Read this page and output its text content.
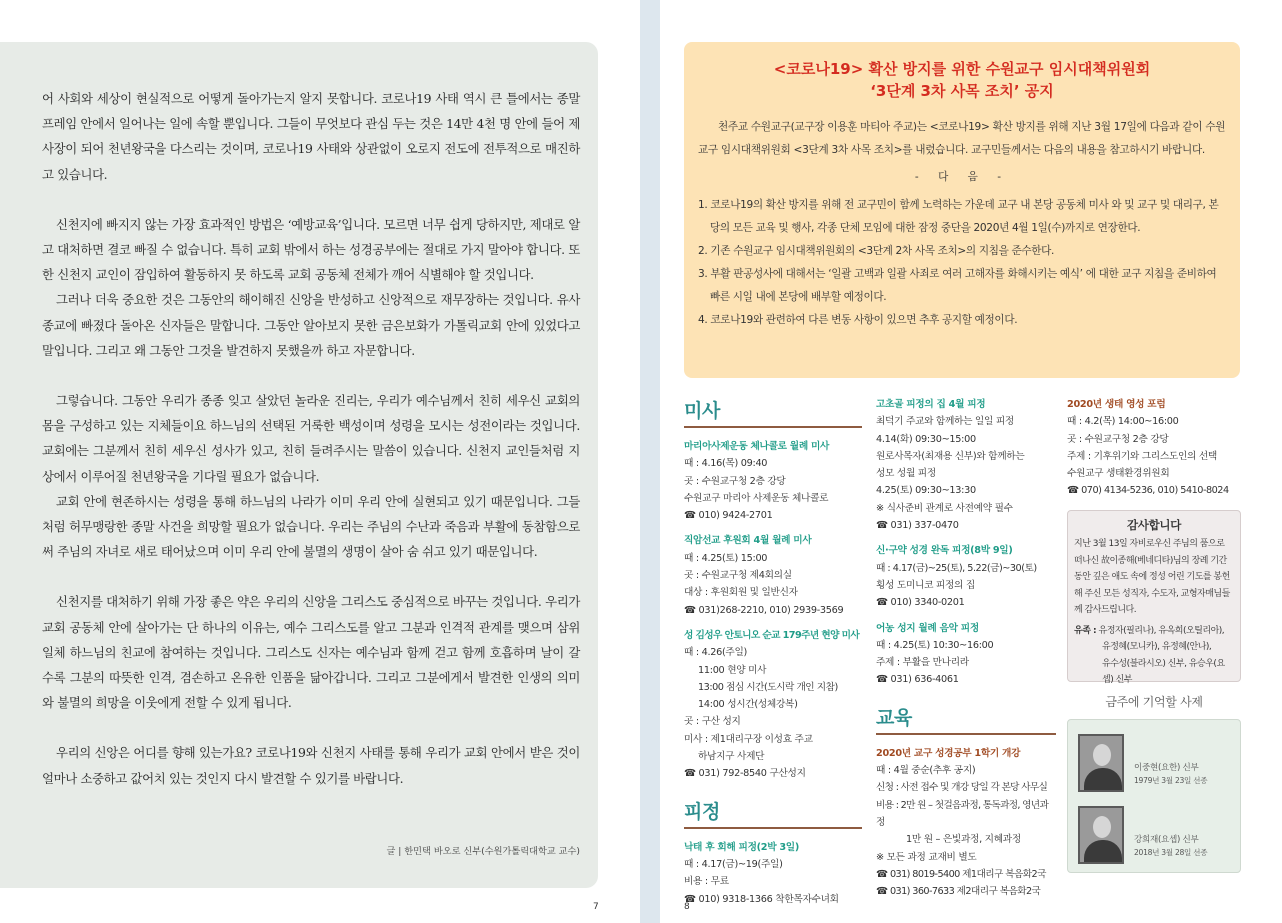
어 사회와 세상이 현실적으로 어떻게 돌아가는지 알지 못합니다. 코로나19 사태 역시 큰 틀에서는 종말 프레임 안에서 일어나는 일에 속할 뿐입니다. 그들이 무엇보다 관심 두는 것은 14만 4천 명 안에 들어 제사장이 되어 천년왕국을 다스리는 것이며, 코로나19 사태와 상관없이 오로지 전도에 전투적으로 매진하고 있습니다.

신천지에 빠지지 않는 가장 효과적인 방법은 ‘예방교육’입니다. 모르면 너무 쉽게 당하지만, 제대로 알고 대처하면 결코 빠질 수 없습니다. 특히 교회 밖에서 하는 성경공부에는 절대로 가지 말아야 합니다. 또한 신천지 교인이 잠입하여 활동하지 못 하도록 교회 공동체 전체가 깨어 식별해야 할 것입니다.

그러나 더욱 중요한 것은 그동안의 해이해진 신앙을 반성하고 신앙적으로 재무장하는 것입니다. 유사종교에 빠졌다 돌아온 신자들은 말합니다. 그동안 알아보지 못한 금은보화가 가톨릭교회 안에 있었다고 말입니다. 그리고 왜 그동안 그것을 발견하지 못했을까 하고 자문합니다.

그렇습니다. 그동안 우리가 종종 잊고 살았던 놀라운 진리는, 우리가 예수님께서 친히 세우신 교회의 몸을 구성하고 있는 지체들이요 하느님의 선택된 거룩한 백성이며 성령을 모시는 성전이라는 것입니다. 교회에는 그분께서 친히 세우신 성사가 있고, 친히 들려주시는 말씀이 있습니다. 신천지 교인들처럼 지상에서 이루어질 천년왕국을 기다릴 필요가 없습니다.

교회 안에 현존하시는 성령을 통해 하느님의 나라가 이미 우리 안에 실현되고 있기 때문입니다. 그들처럼 허무맹랑한 종말 사건을 희망할 필요가 없습니다. 우리는 주님의 수난과 죽음과 부활에 동참함으로써 주님의 자녀로 새로 태어났으며 이미 우리 안에 불멸의 생명이 살아 숨 쉬고 있기 때문입니다.

신천지를 대처하기 위해 가장 좋은 약은 우리의 신앙을 그리스도 중심적으로 바꾸는 것입니다. 우리가 교회 공동체 안에 살아가는 단 하나의 이유는, 예수 그리스도를 알고 그분과 인격적 관계를 맺으며 삼위일체 하느님의 친교에 참여하는 것입니다. 그리스도 신자는 예수님과 함께 걷고 함께 호흡하며 날이 갈수록 그분의 따뜻한 인격, 겸손하고 온유한 인품을 닮아갑니다. 그리고 그분에게서 발견한 인생의 의미와 불멸의 희망을 이웃에게 전할 수 있게 됩니다.

우리의 신앙은 어디를 향해 있는가요? 코로나19와 신천지 사태를 통해 우리가 교회 안에서 받은 것이 얼마나 소중하고 값어치 있는 것인지 다시 발견할 수 있기를 바랍니다.

글 | 한민택 바오로 신부(수원가톨릭대학교 교수)
7
<코로나19> 확산 방지를 위한 수원교구 임시대책위원회
‘3단계 3차 사목 조치’ 공지
천주교 수원교구(교구장 이용훈 마티아 주교)는 <코로나19> 확산 방지를 위해 지난 3월 17일에 다음과 같이 수원교구 임시대책위원회 <3단계 3차 사목 조치>를 내렸습니다. 교구민들께서는 다음의 내용을 참고하시기 바랍니다.
- 다 음 -
1. 코로나19의 확산 방지를 위해 전 교구민이 함께 노력하는 가운데 교구 내 본당 공동체 미사 와 및 교구 및 대리구, 본당의 모든 교육 및 행사, 각종 단체 모임에 대한 잠정 중단을 2020년 4월 1일(수)까지로 연장한다.
2. 기존 수원교구 임시대책위원회의 <3단계 2차 사목 조치>의 지침을 준수한다.
3. 부활 판공성사에 대해서는 ‘일괄 고백과 일괄 사죄로 여러 고해자를 화해시키는 예식’ 에 대한 교구 지침을 준비하여 빠른 시일 내에 본당에 배부할 예정이다.
4. 코로나19와 관련하여 다른 변동 사항이 있으면 추후 공지할 예정이다.
미사
마리아사제운동 체나콜로 월례 미사
때 : 4.16(목) 09:40
곳 : 수원교구청 2층 강당
수원교구 마리아 사제운동 체나콜로
☎ 010) 9424-2701
직암선교 후원회 4월 월례 미사
때 : 4.25(토) 15:00
곳 : 수원교구청 제4회의실
대상 : 후원회원 및 일반신자
☎ 031)268-2210, 010) 2939-3569
성 김성우 안토니오 순교 179주년 현양 미사
때 : 4.26(주일)
11:00 현양 미사
13:00 점심 시간(도시락 개인 지참)
14:00 성시간(성체강복)
곳 : 구산 성지
미사 : 제1대리구장 이성효 주교
하남지구 사제단
☎ 031) 792-8540 구산성지
피정
낙태 후 회해 피정(2박 3일)
때 : 4.17(금)~19(주일)
비용 : 무료
☎ 010) 9318-1366 착한목자수녀회
고초골 피정의 집 4월 피정
최덕기 주교와 함께하는 일일 피정
4.14(화) 09:30~15:00
원로사목자(최재용 신부)와 함께하는
성모 성월 피정
4.25(토) 09:30~13:30
※ 식사준비 관계로 사전예약 필수
☎ 031) 337-0470
신·구약 성경 완독 피정(8박 9일)
때 : 4.17(금)~25(토), 5.22(금)~30(토)
횡성 도미니코 피정의 집
☎ 010) 3340-0201
어농 성지 월례 음악 피정
때 : 4.25(토) 10:30~16:00
주제 : 부활을 만나리라
☎ 031) 636-4061
교육
2020년 교구 성경공부 1학기 개강
때 : 4월 중순(추후 공지)
신청 : 사전 접수 및 개강 당일 각 본당 사무실
비용 : 2만 원 – 첫걸음과정, 통독과정, 영년과정
1만 원 – 은빛과정, 지혜과정
※ 모든 과정 교재비 별도
☎ 031) 8019-5400 제1대리구 복음화2국
☎ 031) 360-7633 제2대리구 복음화2국
2020년 생태 영성 포럼
때 : 4.2(목) 14:00~16:00
곳 : 수원교구청 2층 강당
주제 : 기후위기와 그리스도인의 선택
수원교구 생태환경위원회
☎ 070) 4134-5236, 010) 5410-8024
감사합니다
지난 3월 13일 자비로우신 주님의 품으로 떠나신 故이종해(베네디타)님의 장례 기간 동안 깊은 애도 속에 정성 어린 기도를 봉헌해 주신 모든 성직자, 수도자, 교형자매님들께 감사드립니다.
유족 : 유정자(필리나), 유옥희(오틸리아),
유정혜(모니카), 유정혜(안나),
유수성(블라시오) 신부, 유승우(요셉) 신부
금주에 기억할 사제
이중현(요한) 신부
1979년 3월 23일 선종
강희재(요셉) 신부
2018년 3월 28일 선종
8
